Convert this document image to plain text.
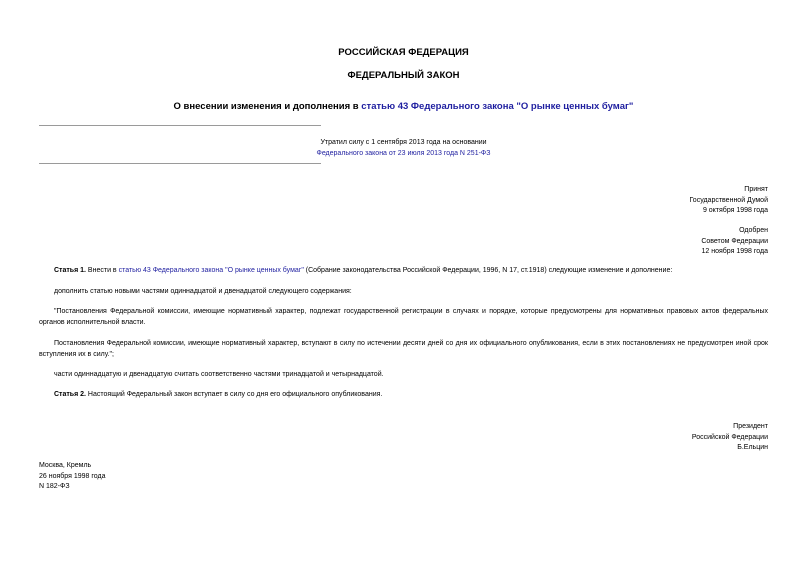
РОССИЙСКАЯ ФЕДЕРАЦИЯ
ФЕДЕРАЛЬНЫЙ ЗАКОН
О внесении изменения и дополнения в статью 43 Федерального закона "О рынке ценных бумаг"
Утратил силу с 1 сентября 2013 года на основании
Федерального закона от 23 июля 2013 года N 251-ФЗ
Принят
Государственной Думой
9 октября 1998 года
Одобрен
Советом Федерации
12 ноября 1998 года
Статья 1. Внести в статью 43 Федерального закона "О рынке ценных бумаг" (Собрание законодательства Российской Федерации, 1996, N 17, ст.1918) следующие изменение и дополнение:
дополнить статью новыми частями одиннадцатой и двенадцатой следующего содержания:
"Постановления Федеральной комиссии, имеющие нормативный характер, подлежат государственной регистрации в случаях и порядке, которые предусмотрены для нормативных правовых актов федеральных органов исполнительной власти.
Постановления Федеральной комиссии, имеющие нормативный характер, вступают в силу по истечении десяти дней со дня их официального опубликования, если в этих постановлениях не предусмотрен иной срок вступления их в силу.";
части одиннадцатую и двенадцатую считать соответственно частями тринадцатой и четырнадцатой.
Статья 2. Настоящий Федеральный закон вступает в силу со дня его официального опубликования.
Президент
Российской Федерации
Б.Ельцин
Москва, Кремль
26 ноября 1998 года
N 182-ФЗ
